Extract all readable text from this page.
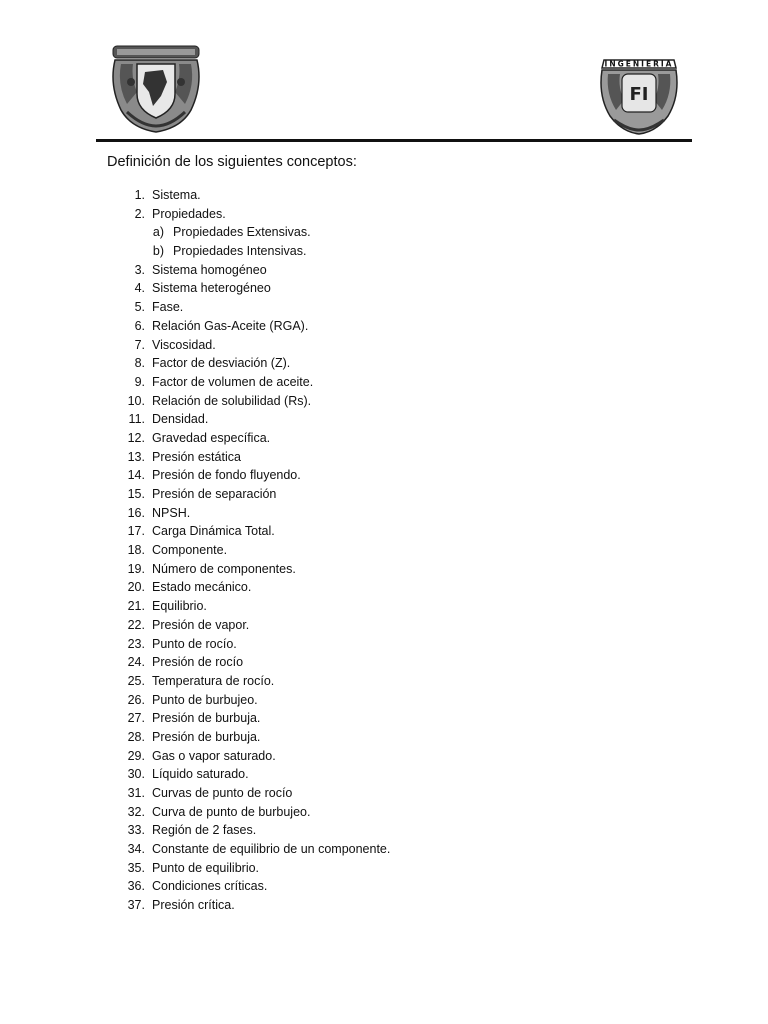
INGENIERIA
FI
Definición de los siguientes conceptos:
1. Sistema.
2. Propiedades.
a) Propiedades Extensivas.
b) Propiedades Intensivas.
3. Sistema homogéneo
4. Sistema heterogéneo
5. Fase.
6. Relación Gas-Aceite (RGA).
7. Viscosidad.
8. Factor de desviación (Z).
9. Factor de volumen de aceite.
10. Relación de solubilidad (Rs).
11. Densidad.
12. Gravedad específica.
13. Presión estática
14. Presión de fondo fluyendo.
15. Presión de separación
16. NPSH.
17. Carga Dinámica Total.
18. Componente.
19. Número de componentes.
20. Estado mecánico.
21. Equilibrio.
22. Presión de vapor.
23. Punto de rocío.
24. Presión de rocío
25. Temperatura de rocío.
26. Punto de burbujeo.
27. Presión de burbuja.
28. Presión de burbuja.
29. Gas o vapor saturado.
30. Líquido saturado.
31. Curvas de punto de rocío
32. Curva de punto de burbujeo.
33. Región de 2 fases.
34. Constante de equilibrio de un componente.
35. Punto de equilibrio.
36. Condiciones críticas.
37. Presión crítica.
